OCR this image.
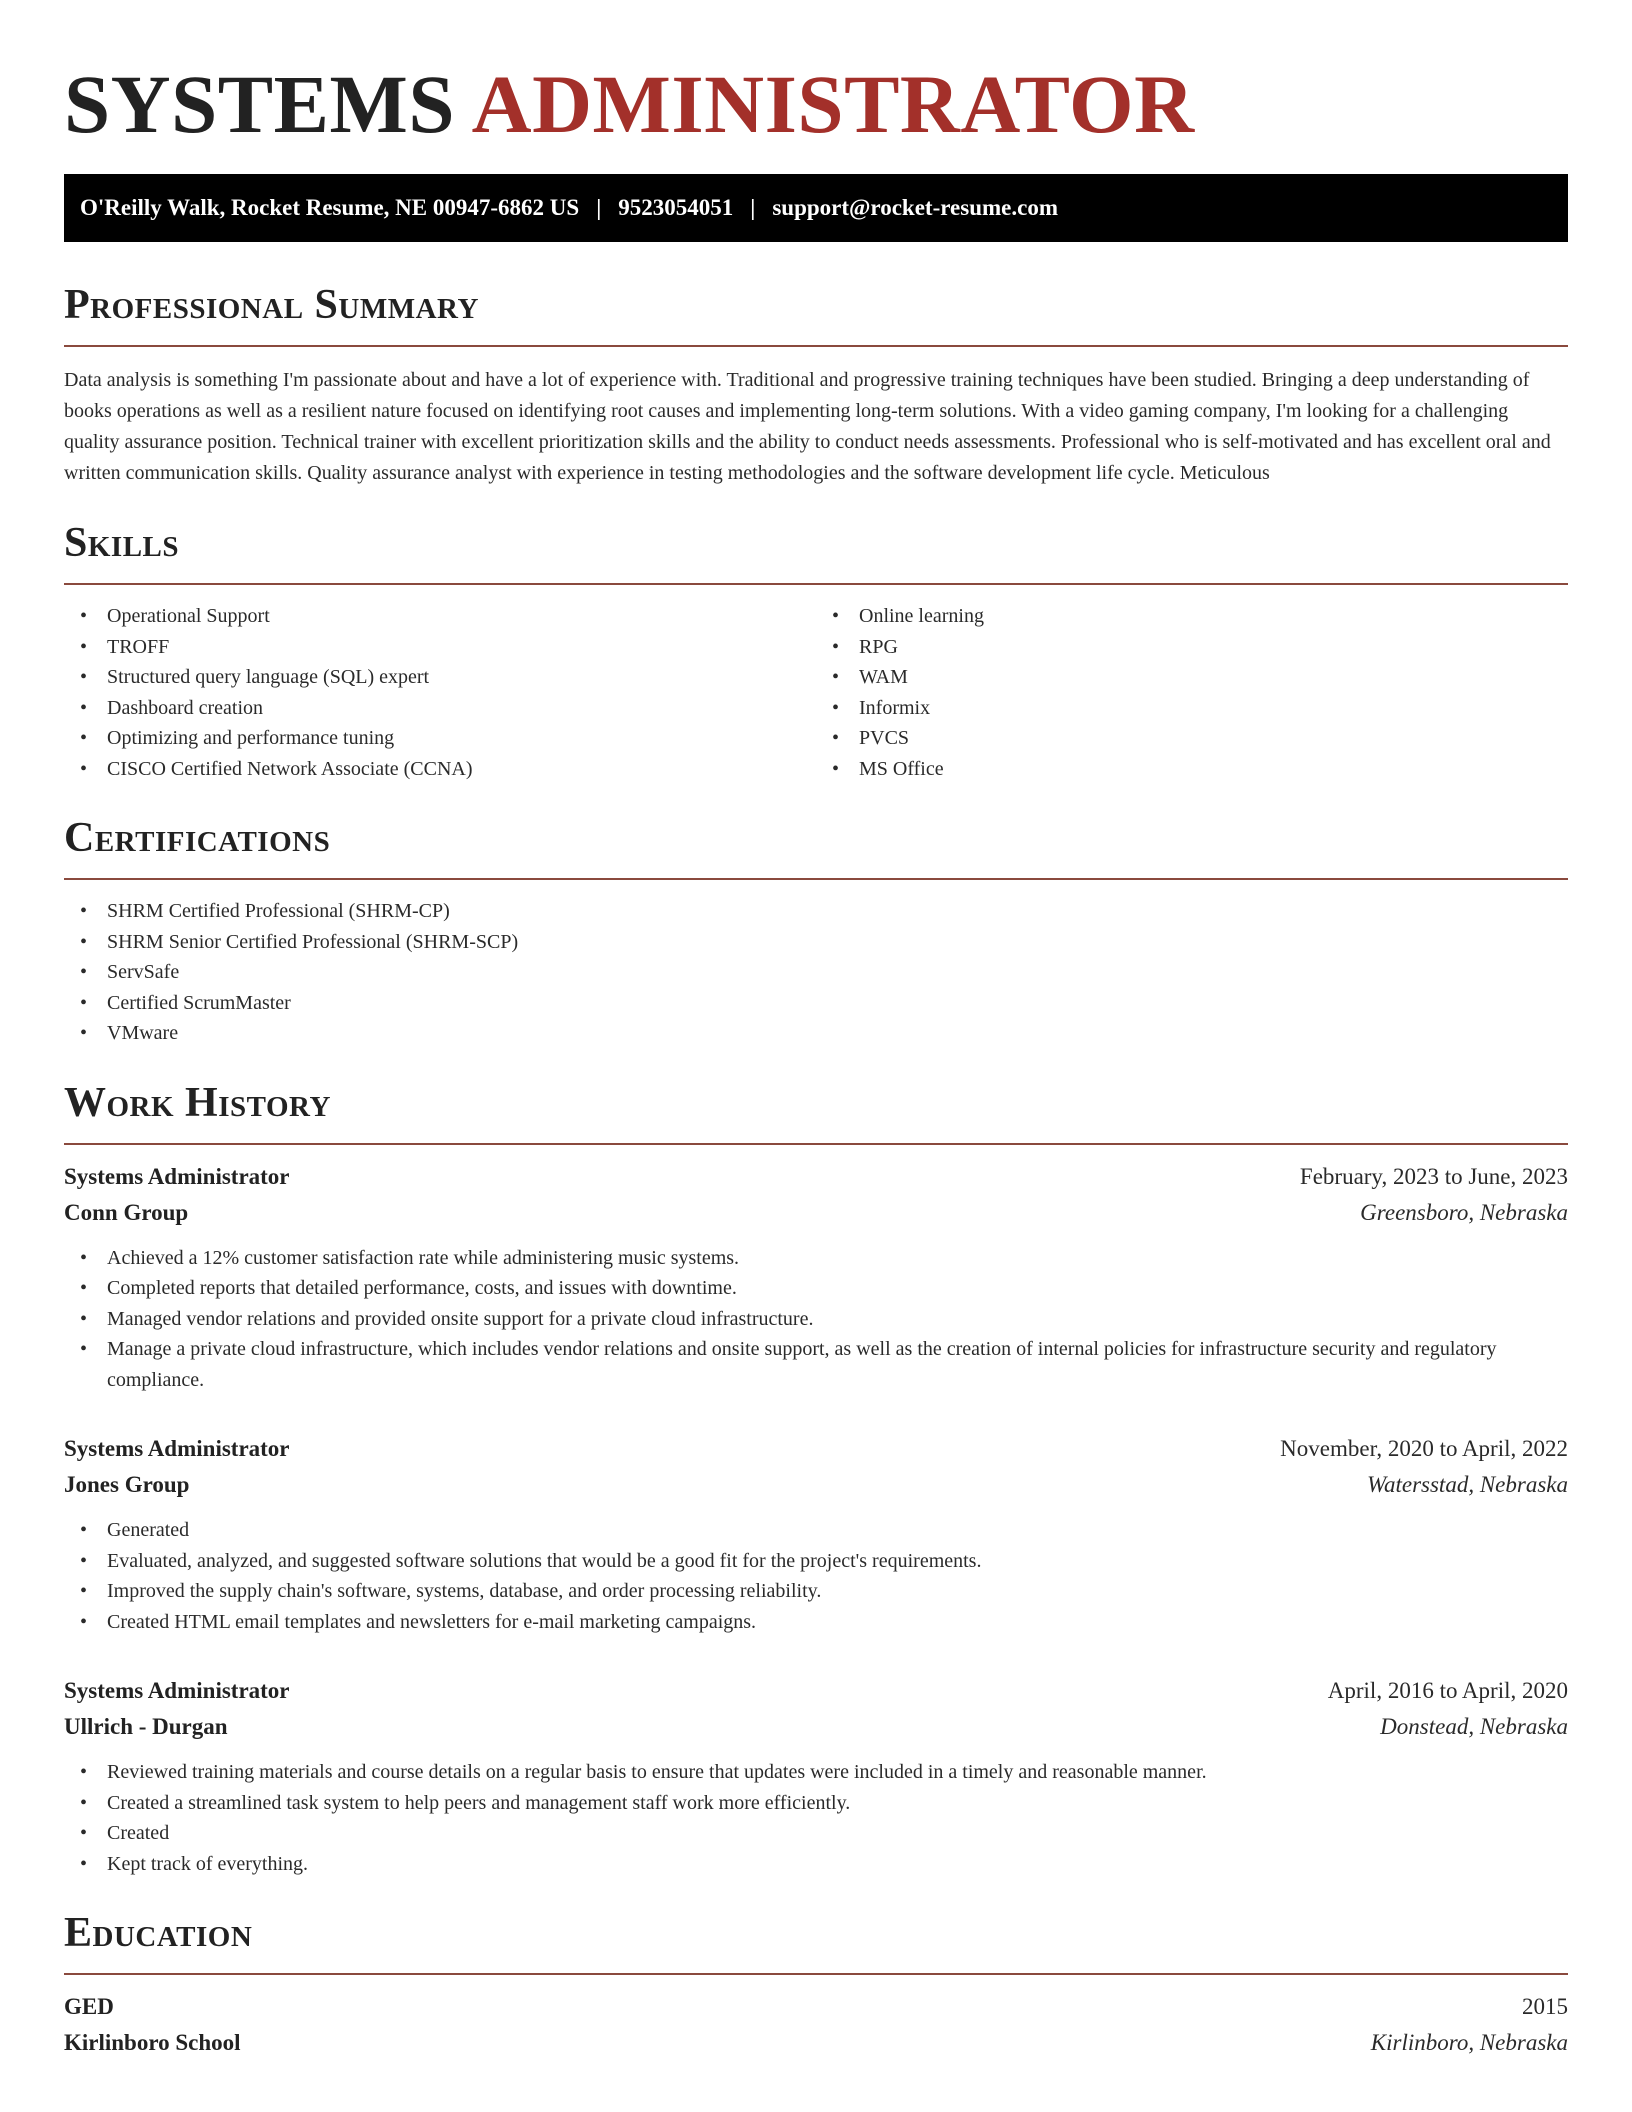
SYSTEMS ADMINISTRATOR
O'Reilly Walk, Rocket Resume, NE 00947-6862 US | 9523054051 | support@rocket-resume.com
Professional Summary

Data analysis is something I'm passionate about and have a lot of experience with. Traditional and progressive training techniques have been studied. Bringing a deep understanding of books operations as well as a resilient nature focused on identifying root causes and implementing long-term solutions. With a video gaming company, I'm looking for a challenging quality assurance position. Technical trainer with excellent prioritization skills and the ability to conduct needs assessments. Professional who is self-motivated and has excellent oral and written communication skills. Quality assurance analyst with experience in testing methodologies and the software development life cycle. Meticulous

Skills
• Operational Support
• TROFF
• Structured query language (SQL) expert
• Dashboard creation
• Optimizing and performance tuning
• CISCO Certified Network Associate (CCNA)
• Online learning
• RPG
• WAM
• Informix
• PVCS
• MS Office
Certifications
• SHRM Certified Professional (SHRM-CP)
• SHRM Senior Certified Professional (SHRM-SCP)
• ServSafe
• Certified ScrumMaster
• VMware
Work History
Systems Administrator	February, 2023 to June, 2023
Conn Group	Greensboro, Nebraska
• Achieved a 12% customer satisfaction rate while administering music systems.
• Completed reports that detailed performance, costs, and issues with downtime.
• Managed vendor relations and provided onsite support for a private cloud infrastructure.
• Manage a private cloud infrastructure, which includes vendor relations and onsite support, as well as the creation of internal policies for infrastructure security and regulatory compliance.
Systems Administrator	November, 2020 to April, 2022
Jones Group	Watersstad, Nebraska
• Generated
• Evaluated, analyzed, and suggested software solutions that would be a good fit for the project's requirements.
• Improved the supply chain's software, systems, database, and order processing reliability.
• Created HTML email templates and newsletters for e-mail marketing campaigns.
Systems Administrator	April, 2016 to April, 2020
Ullrich - Durgan	Donstead, Nebraska
• Reviewed training materials and course details on a regular basis to ensure that updates were included in a timely and reasonable manner.
• Created a streamlined task system to help peers and management staff work more efficiently.
• Created
• Kept track of everything.
Education
GED	2015
Kirlinboro School	Kirlinboro, Nebraska
